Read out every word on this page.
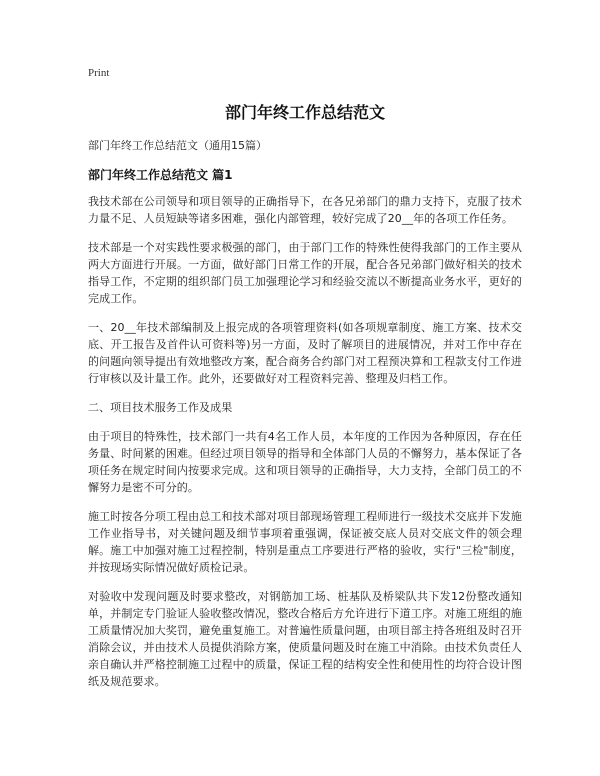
Print
部门年终工作总结范文
部门年终工作总结范文（通用15篇）
部门年终工作总结范文 篇1

我技术部在公司领导和项目领导的正确指导下，在各兄弟部门的鼎力支持下，克服了技术力量不足、人员短缺等诸多困难，强化内部管理，较好完成了20__年的各项工作任务。

技术部是一个对实践性要求极强的部门，由于部门工作的特殊性使得我部门的工作主要从两大方面进行开展。一方面，做好部门日常工作的开展，配合各兄弟部门做好相关的技术指导工作，不定期的组织部门员工加强理论学习和经验交流以不断提高业务水平，更好的完成工作。

一、20__年技术部编制及上报完成的各项管理资料(如各项规章制度、施工方案、技术交底、开工报告及首件认可资料等)另一方面，及时了解项目的进展情况，并对工作中存在的问题向领导提出有效地整改方案，配合商务合约部门对工程预决算和工程款支付工作进行审核以及计量工作。此外，还要做好对工程资料完善、整理及归档工作。

二、项目技术服务工作及成果

由于项目的特殊性，技术部门一共有4名工作人员，本年度的工作因为各种原因，存在任务量、时间紧的困难。但经过项目领导的指导和全体部门人员的不懈努力，基本保证了各项任务在规定时间内按要求完成。这和项目领导的正确指导，大力支持，全部门员工的不懈努力是密不可分的。

施工时按各分项工程由总工和技术部对项目部现场管理工程师进行一级技术交底并下发施工作业指导书，对关键问题及细节事项着重强调，保证被交底人员对交底文件的领会理解。施工中加强对施工过程控制，特别是重点工序要进行严格的验收，实行"三检"制度，并按现场实际情况做好质检记录。

对验收中发现问题及时要求整改，对钢筋加工场、桩基队及桥梁队共下发12份整改通知单，并制定专门验证人验收整改情况，整改合格后方允许进行下道工序。对施工班组的施工质量情况加大奖罚，避免重复施工。对普遍性质量问题，由项目部主持各班组及时召开消除会议，并由技术人员提供消除方案，使质量问题及时在施工中消除。由技术负责任人亲自确认并严格控制施工过程中的质量，保证工程的结构安全性和使用性的均符合设计图纸及规范要求。
